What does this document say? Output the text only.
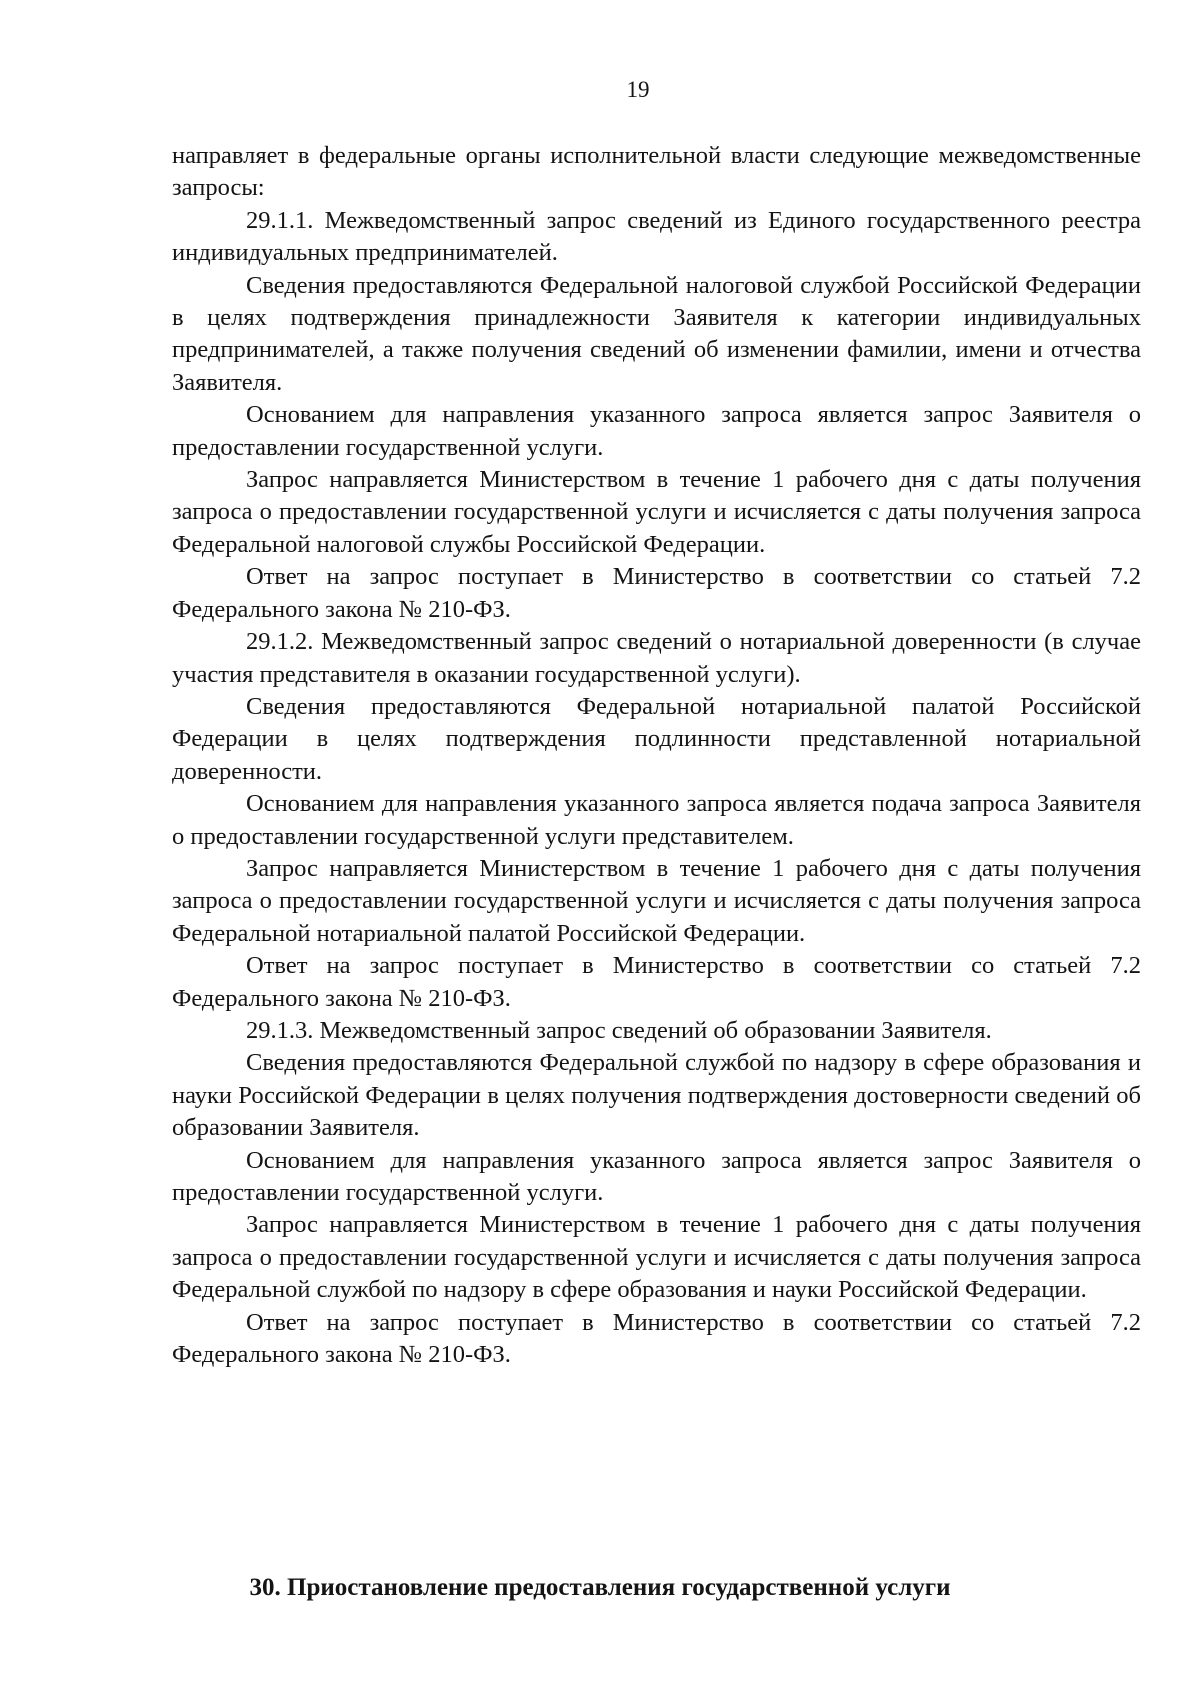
19

направляет в федеральные органы исполнительной власти следующие межведомственные запросы:

29.1.1. Межведомственный запрос сведений из Единого государственного реестра индивидуальных предпринимателей.

Сведения предоставляются Федеральной налоговой службой Российской Федерации в целях подтверждения принадлежности Заявителя к категории индивидуальных предпринимателей, а также получения сведений об изменении фамилии, имени и отчества Заявителя.

Основанием для направления указанного запроса является запрос Заявителя о предоставлении государственной услуги.

Запрос направляется Министерством в течение 1 рабочего дня с даты получения запроса о предоставлении государственной услуги и исчисляется с даты получения запроса Федеральной налоговой службы Российской Федерации.

Ответ на запрос поступает в Министерство в соответствии со статьей 7.2 Федерального закона № 210-ФЗ.

29.1.2. Межведомственный запрос сведений о нотариальной доверенности (в случае участия представителя в оказании государственной услуги).

Сведения предоставляются Федеральной нотариальной палатой Российской Федерации в целях подтверждения подлинности представленной нотариальной доверенности.

Основанием для направления указанного запроса является подача запроса Заявителя о предоставлении государственной услуги представителем.

Запрос направляется Министерством в течение 1 рабочего дня с даты получения запроса о предоставлении государственной услуги и исчисляется с даты получения запроса Федеральной нотариальной палатой Российской Федерации.

Ответ на запрос поступает в Министерство в соответствии со статьей 7.2 Федерального закона № 210-ФЗ.

29.1.3. Межведомственный запрос сведений об образовании Заявителя.

Сведения предоставляются Федеральной службой по надзору в сфере образования и науки Российской Федерации в целях получения подтверждения достоверности сведений об образовании Заявителя.

Основанием для направления указанного запроса является запрос Заявителя о предоставлении государственной услуги.

Запрос направляется Министерством в течение 1 рабочего дня с даты получения запроса о предоставлении государственной услуги и исчисляется с даты получения запроса Федеральной службой по надзору в сфере образования и науки Российской Федерации.

Ответ на запрос поступает в Министерство в соответствии со статьей 7.2 Федерального закона № 210-ФЗ.

30. Приостановление предоставления государственной услуги
